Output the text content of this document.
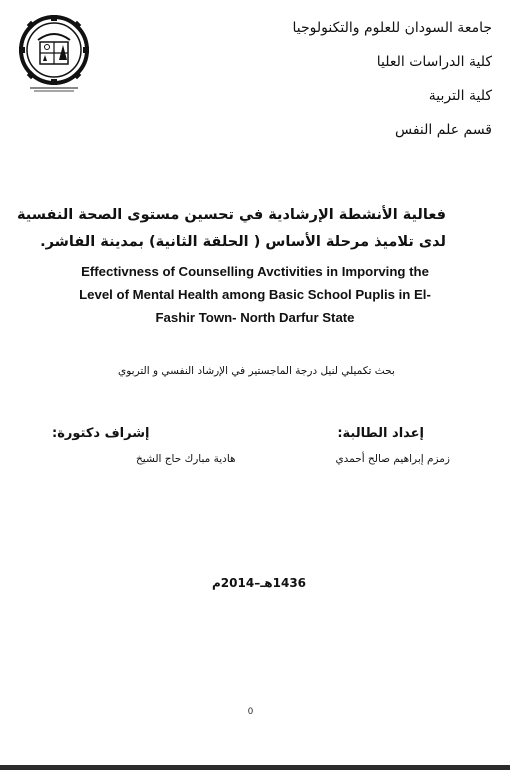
جامعة السودان للعلوم والتكنولوجيا
كلية الدراسات العليا
كلية التربية
قسم علم النفس
فعالية الأنشطة الإرشادية في تحسين مستوى الصحة النفسية
لدى تلاميذ مرحلة الأساس ( الحلقة الثانية) بمدينة الفاشر.
Effectivness of Counselling Avctivities in Imporving the
Level of Mental Health among Basic School Puplis in El-
Fashir Town- North Darfur State
بحث تكميلي لنيل درجة الماجستير في الإرشاد النفسي و التربوي
إعداد الطالبة:
إشراف دكتورة:
زمزم إبراهيم صالح أحمدي
هادية مبارك حاج الشيخ
1436هـ–2014م
0
